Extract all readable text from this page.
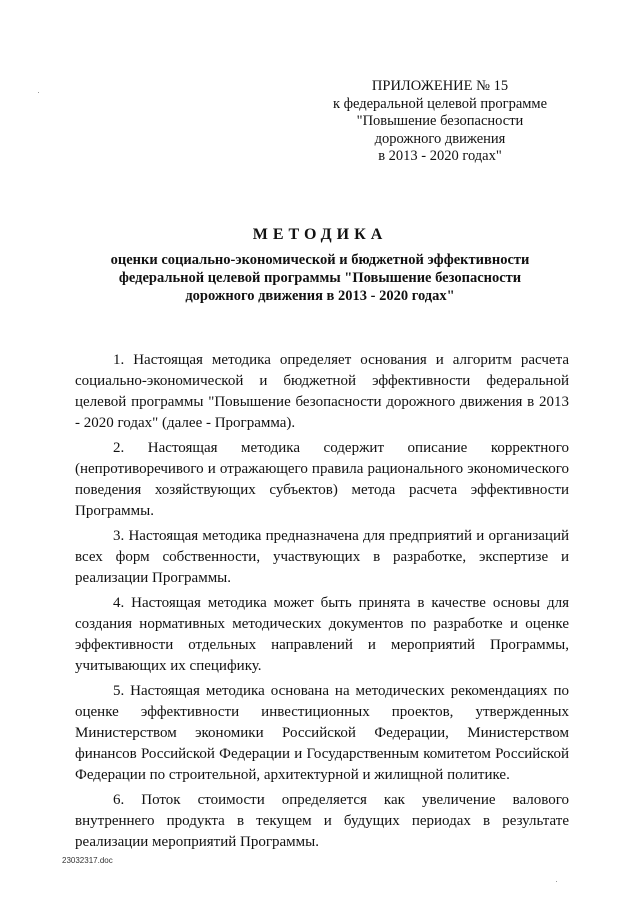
ПРИЛОЖЕНИЕ № 15
к федеральной целевой программе
"Повышение безопасности
дорожного движения
в 2013 - 2020 годах"
МЕТОДИКА
оценки социально-экономической и бюджетной эффективности
федеральной целевой программы "Повышение безопасности
дорожного движения в 2013 - 2020 годах"

1. Настоящая методика определяет основания и алгоритм расчета социально-экономической и бюджетной эффективности федеральной целевой программы "Повышение безопасности дорожного движения в 2013 - 2020 годах" (далее - Программа).

2. Настоящая методика содержит описание корректного (непротиворечивого и отражающего правила рационального экономического поведения хозяйствующих субъектов) метода расчета эффективности Программы.

3. Настоящая методика предназначена для предприятий и организаций всех форм собственности, участвующих в разработке, экспертизе и реализации Программы.

4. Настоящая методика может быть принята в качестве основы для создания нормативных методических документов по разработке и оценке эффективности отдельных направлений и мероприятий Программы, учитывающих их специфику.

5. Настоящая методика основана на методических рекомендациях по оценке эффективности инвестиционных проектов, утвержденных Министерством экономики Российской Федерации, Министерством финансов Российской Федерации и Государственным комитетом Российской Федерации по строительной, архитектурной и жилищной политике.

6. Поток стоимости определяется как увеличение валового внутреннего продукта в текущем и будущих периодах в результате реализации мероприятий Программы.

23032317.doc
